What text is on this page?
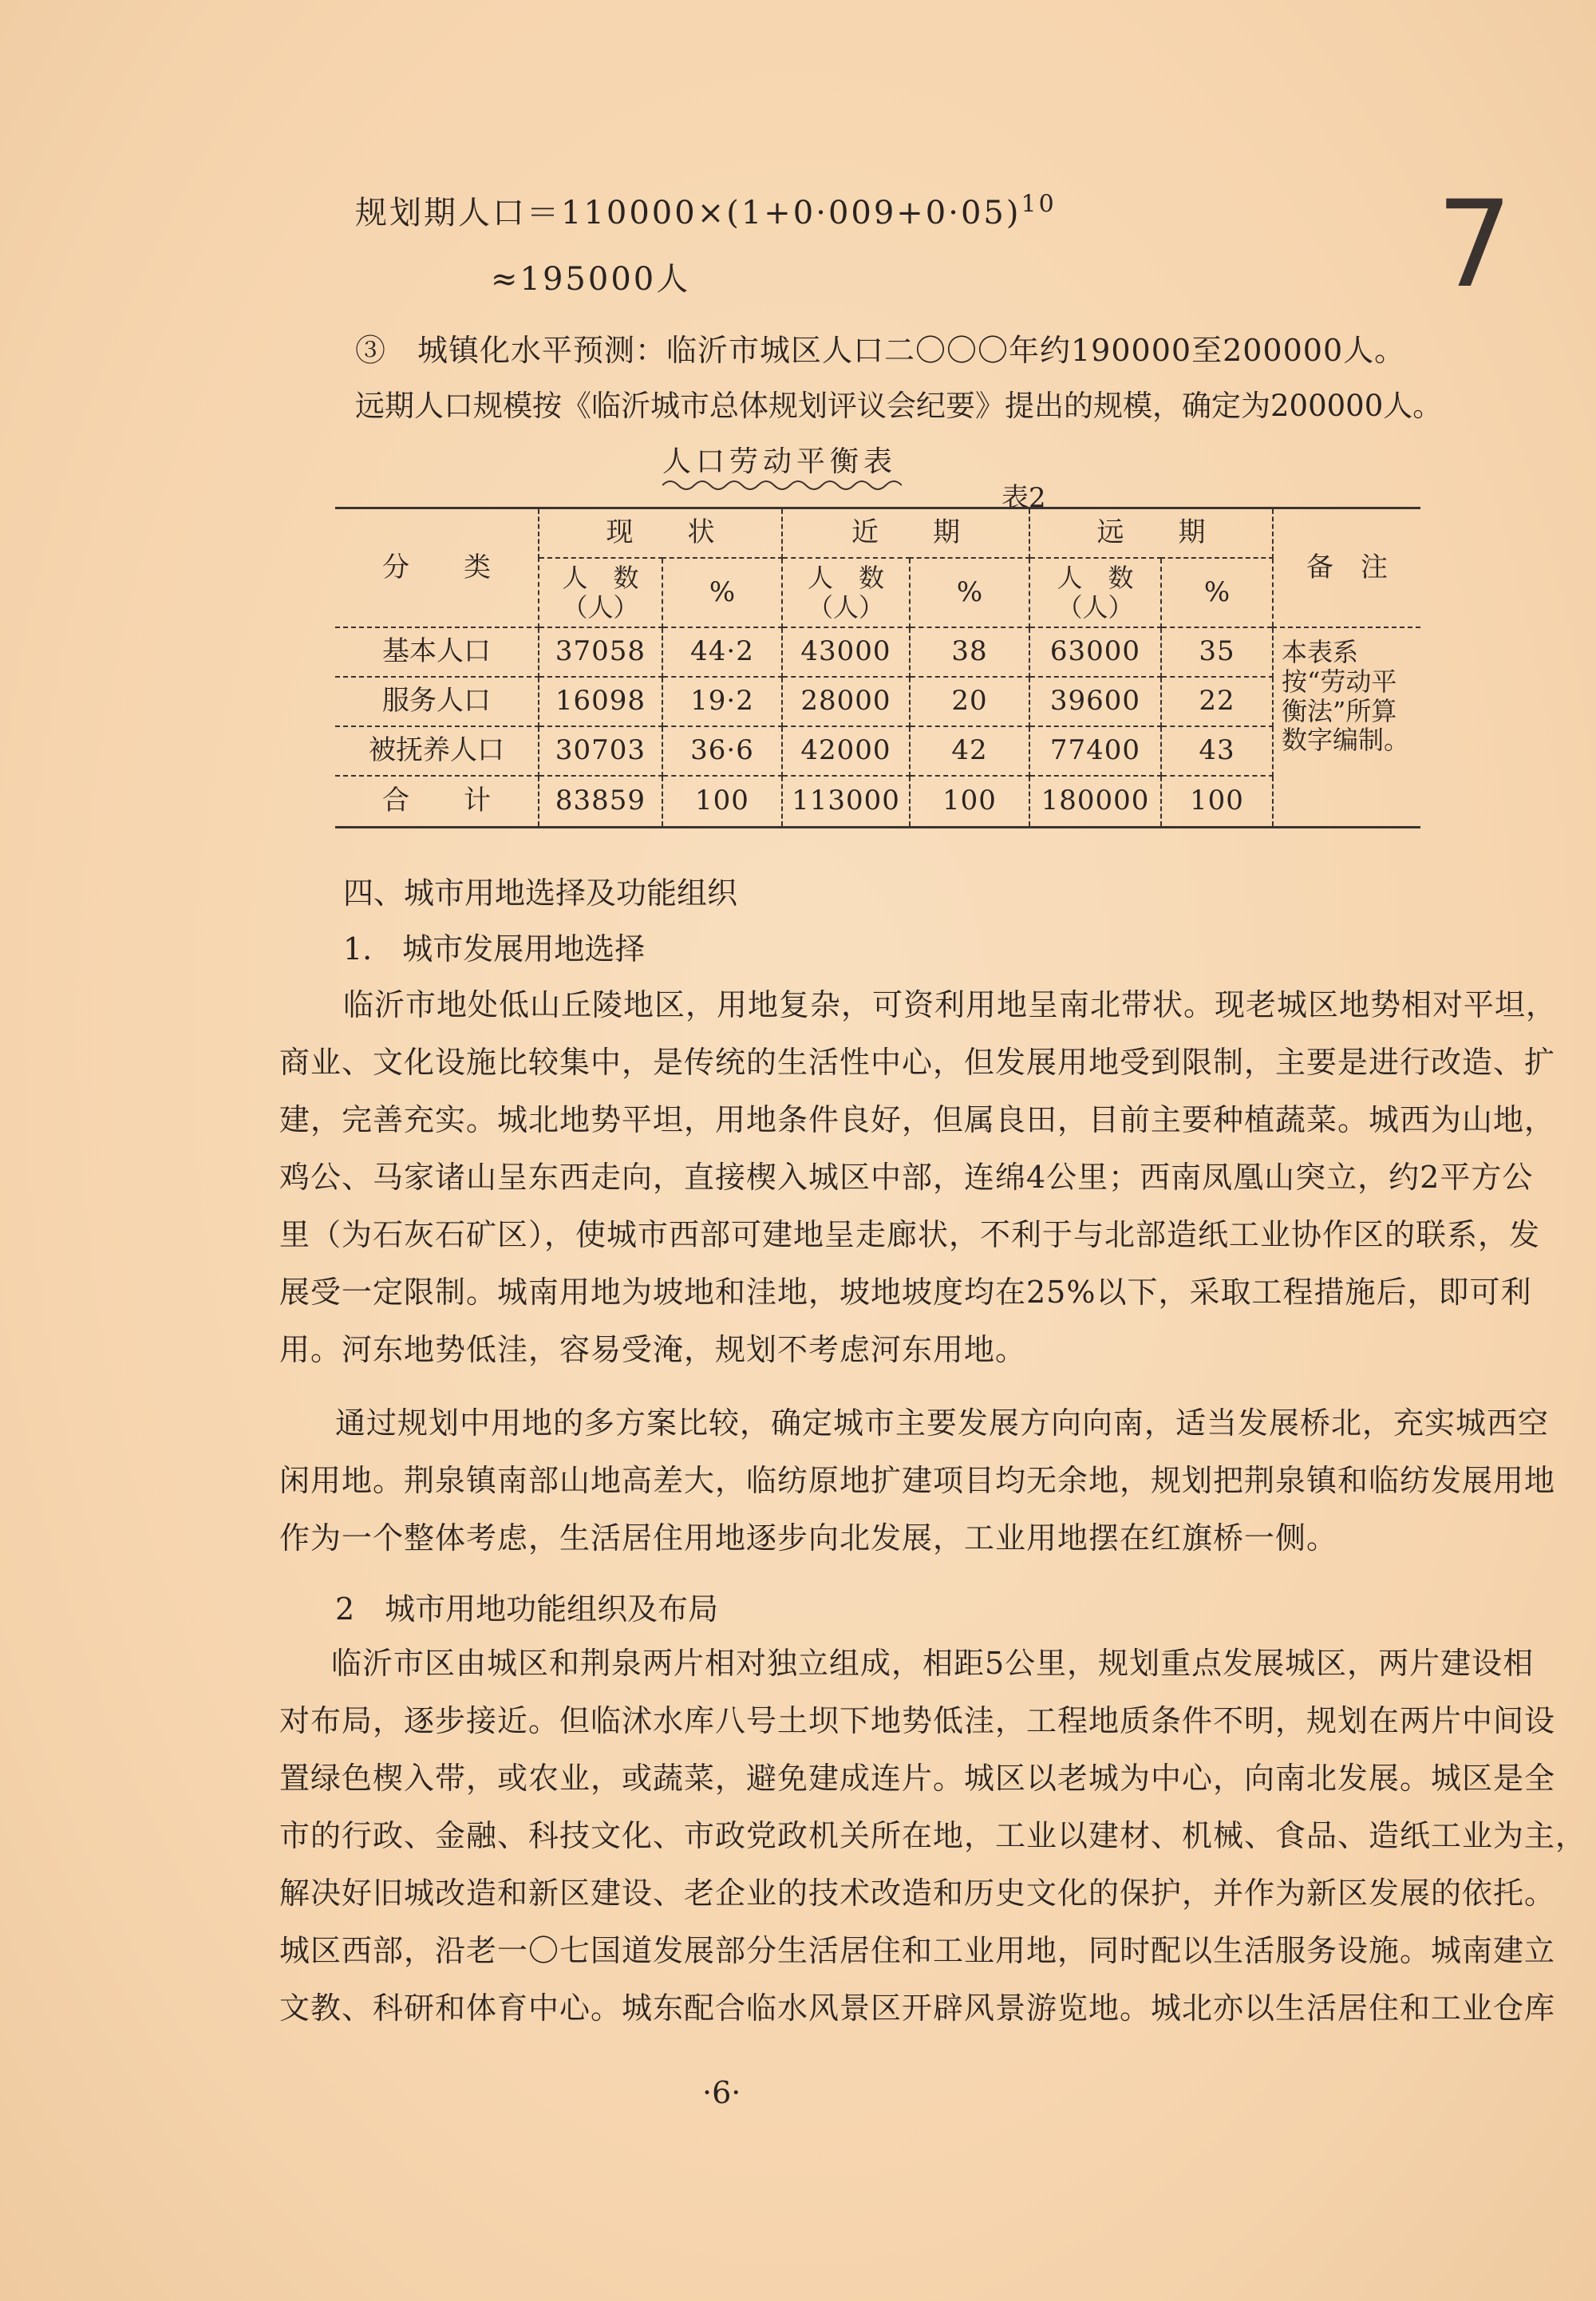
7
规划期人口$=110000\times(1+0\cdot 009+0\cdot 05)^{10}$
≈195000人
③　城镇化水平预测：临沂市城区人口二〇〇〇年约190000至200000人。
远期人口规模按《临沂城市总体规划评议会纪要》提出的规模，确定为200000人。
人口劳动平衡表
表2
分　　类	现　　状		近　　期		远　　期		备　注
	人　数（人）	%	人　数（人）	%	人　数（人）	%	
基本人口	37058	44·2	43000	38	63000	35	本表系按“劳动平衡法”所算数字编制。
服务人口	16098	19·2	28000	20	39600	22	
被抚养人口	30703	36·6	42000	42	77400	43	
合　　计	83859	100	113000	100	180000	100	
四、城市用地选择及功能组织
1.　城市发展用地选择
临沂市地处低山丘陵地区，用地复杂，可资利用地呈南北带状。现老城区地势相对平坦，
商业、文化设施比较集中，是传统的生活性中心，但发展用地受到限制，主要是进行改造、扩
建，完善充实。城北地势平坦，用地条件良好，但属良田，目前主要种植蔬菜。城西为山地，
鸡公、马家诸山呈东西走向，直接楔入城区中部，连绵4公里；西南凤凰山突立，约2平方公
里（为石灰石矿区），使城市西部可建地呈走廊状，不利于与北部造纸工业协作区的联系，发
展受一定限制。城南用地为坡地和洼地，坡地坡度均在25%以下，采取工程措施后，即可利
用。河东地势低洼，容易受淹，规划不考虑河东用地。
通过规划中用地的多方案比较，确定城市主要发展方向向南，适当发展桥北，充实城西空
闲用地。荆泉镇南部山地高差大，临纺原地扩建项目均无余地，规划把荆泉镇和临纺发展用地
作为一个整体考虑，生活居住用地逐步向北发展，工业用地摆在红旗桥一侧。
2　城市用地功能组织及布局
临沂市区由城区和荆泉两片相对独立组成，相距5公里，规划重点发展城区，两片建设相
对布局，逐步接近。但临沭水库八号土坝下地势低洼，工程地质条件不明，规划在两片中间设
置绿色楔入带，或农业，或蔬菜，避免建成连片。城区以老城为中心，向南北发展。城区是全
市的行政、金融、科技文化、市政党政机关所在地，工业以建材、机械、食品、造纸工业为主，
解决好旧城改造和新区建设、老企业的技术改造和历史文化的保护，并作为新区发展的依托。
城区西部，沿老一〇七国道发展部分生活居住和工业用地，同时配以生活服务设施。城南建立
文教、科研和体育中心。城东配合临水风景区开辟风景游览地。城北亦以生活居住和工业仓库
·6·
